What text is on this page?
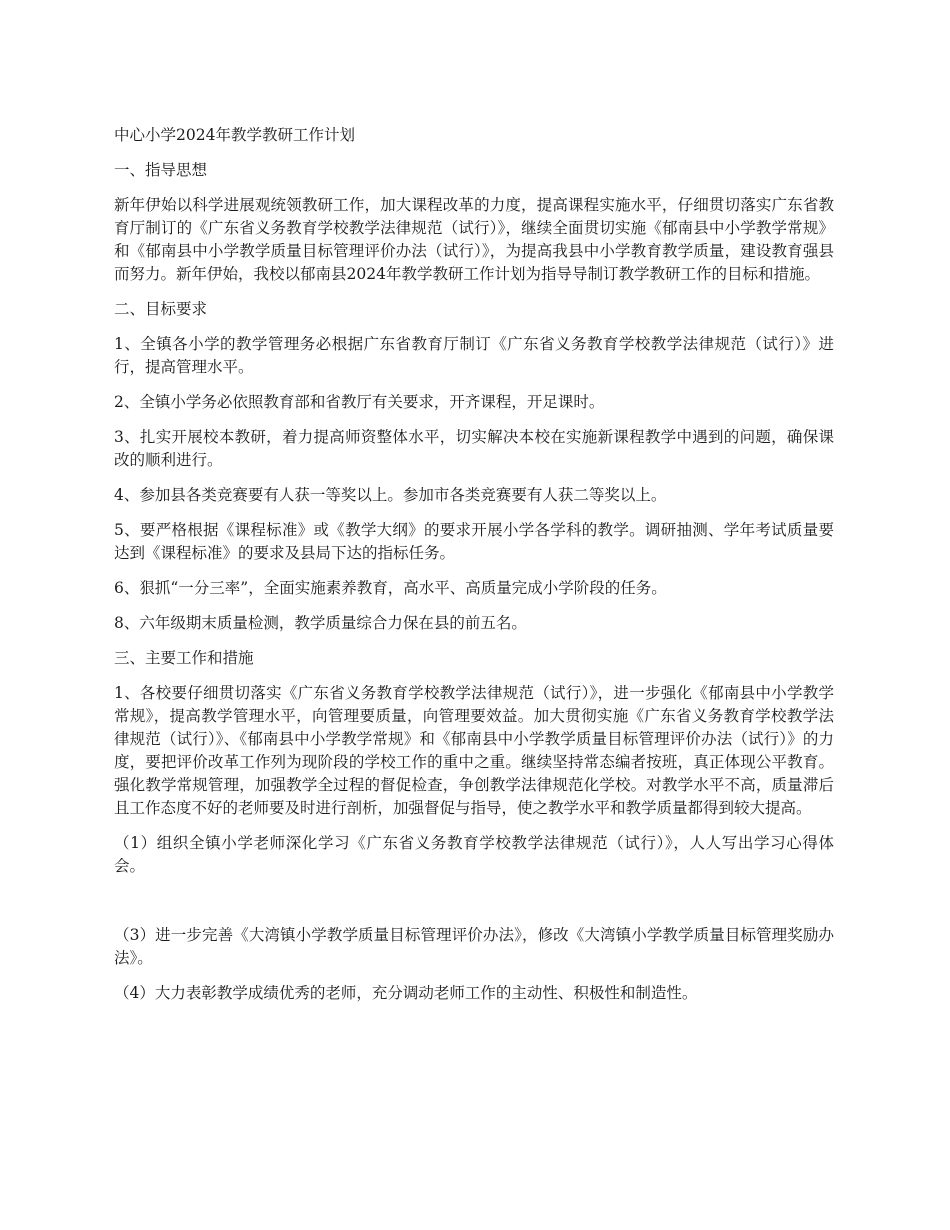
中心小学2024年教学教研工作计划

一、指导思想

新年伊始以科学进展观统领教研工作，加大课程改革的力度，提高课程实施水平，仔细贯切落实广东省教育厅制订的《广东省义务教育学校教学法律规范（试行）》，继续全面贯切实施《郁南县中小学教学常规》和《郁南县中小学教学质量目标管理评价办法（试行）》，为提高我县中小学教育教学质量，建设教育强县而努力。新年伊始，我校以郁南县2024年教学教研工作计划为指导导制订教学教研工作的目标和措施。

二、目标要求

1、全镇各小学的教学管理务必根据广东省教育厅制订《广东省义务教育学校教学法律规范（试行）》进行，提高管理水平。

2、全镇小学务必依照教育部和省教厅有关要求，开齐课程，开足课时。

3、扎实开展校本教研，着力提高师资整体水平，切实解决本校在实施新课程教学中遇到的问题，确保课改的顺利进行。

4、参加县各类竞赛要有人获一等奖以上。参加市各类竞赛要有人获二等奖以上。

5、要严格根据《课程标准》或《教学大纲》的要求开展小学各学科的教学。调研抽测、学年考试质量要达到《课程标准》的要求及县局下达的指标任务。

6、狠抓“一分三率”，全面实施素养教育，高水平、高质量完成小学阶段的任务。

8、六年级期末质量检测，教学质量综合力保在县的前五名。

三、主要工作和措施

1、各校要仔细贯切落实《广东省义务教育学校教学法律规范（试行）》，进一步强化《郁南县中小学教学常规》，提高教学管理水平，向管理要质量，向管理要效益。加大贯彻实施《广东省义务教育学校教学法律规范（试行）》、《郁南县中小学教学常规》和《郁南县中小学教学质量目标管理评价办法（试行）》的力度，要把评价改革工作列为现阶段的学校工作的重中之重。继续坚持常态编者按班，真正体现公平教育。强化教学常规管理，加强教学全过程的督促检查，争创教学法律规范化学校。对教学水平不高，质量滞后且工作态度不好的老师要及时进行剖析，加强督促与指导，使之教学水平和教学质量都得到较大提高。

（1）组织全镇小学老师深化学习《广东省义务教育学校教学法律规范（试行）》，人人写出学习心得体会。

（3）进一步完善《大湾镇小学教学质量目标管理评价办法》，修改《大湾镇小学教学质量目标管理奖励办法》。

（4）大力表彰教学成绩优秀的老师，充分调动老师工作的主动性、积极性和制造性。
